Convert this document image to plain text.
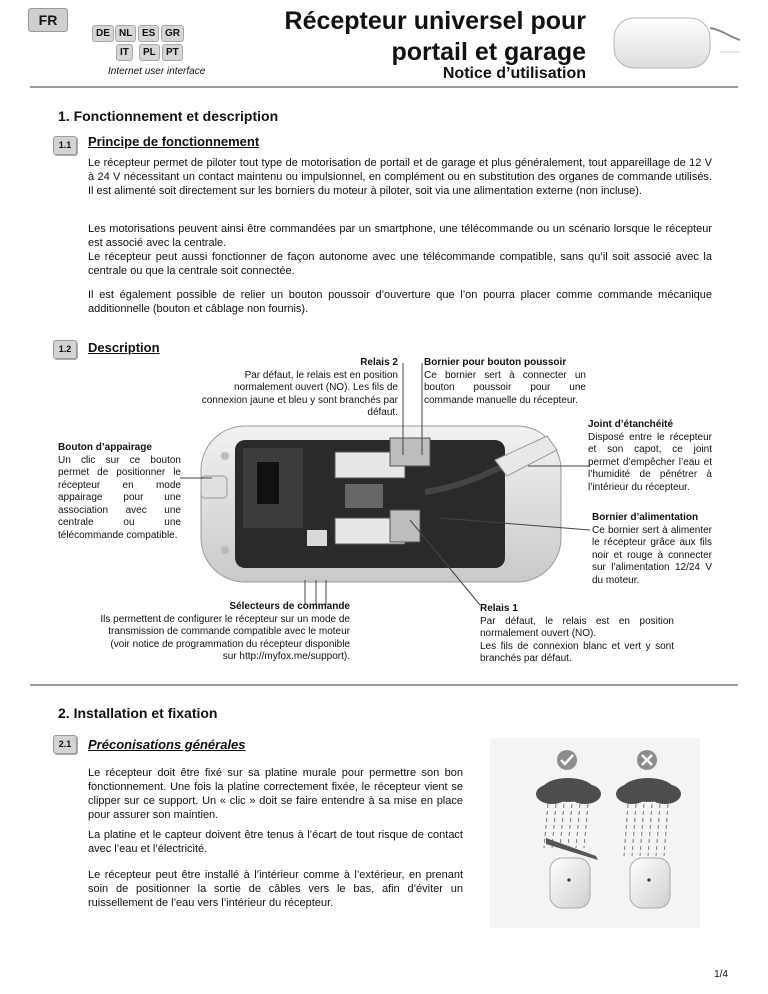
FR
DE NL ES GR
IT	PL	PT
Internet user interface
Récepteur universel pour
portail et garage
Notice d’utilisation
1. Fonctionnement et description
1.1	Principe de fonctionnement
Le récepteur permet de piloter tout type de motorisation de portail et de garage et plus généralement, tout appareillage de 12 V à 24 V nécessitant un contact maintenu ou impulsionnel, en complément ou en substitution des organes de commande utilisés. Il est alimenté soit directement sur les borniers du moteur à piloter, soit via une alimentation externe (non incluse).
Les motorisations peuvent ainsi être commandées par un smartphone, une télécommande ou un scénario lorsque le récepteur est associé avec la centrale.
Le récepteur peut aussi fonctionner de façon autonome avec une télécommande compatible, sans qu’il soit associé avec la centrale ou que la centrale soit connectée.
Il est également possible de relier un bouton poussoir d’ouverture que l’on pourra placer comme commande mécanique additionnelle (bouton et câblage non fournis).
1.2	Description
Relais 2
Par défaut, le relais est en position normalement ouvert (NO). Les fils de connexion jaune et bleu y sont branchés par défaut.
Bornier pour bouton poussoir
Ce bornier sert à connecter un bouton poussoir pour une commande manuelle du récepteur.
Joint d’étanchéité
Disposé entre le récepteur et son capot, ce joint permet d’empêcher l’eau et l’humidité de pénétrer à l’intérieur du récepteur.
Bouton d’appairage
Un clic sur ce bouton permet de positionner le récepteur en mode appairage pour une association avec une centrale ou une télécommande compatible.
Bornier d’alimentation
Ce bornier sert à alimenter le récepteur grâce aux fils noir et rouge à connecter sur l’alimentation 12/24 V du moteur.
Sélecteurs de commande
Ils permettent de configurer le récepteur sur un mode de transmission de commande compatible avec le moteur (voir notice de programmation du récepteur disponible sur http://myfox.me/support).
Relais 1
Par défaut, le relais est en position normalement ouvert (NO).
Les fils de connexion blanc et vert y sont branchés par défaut.
2. Installation et fixation
2.1	Préconisations générales
Le récepteur doit être fixé sur sa platine murale pour permettre son bon fonctionnement. Une fois la platine correctement fixée, le récepteur vient se clipper sur ce support. Un « clic » doit se faire entendre à sa mise en place pour assurer son maintien.
La platine et le capteur doivent être tenus à l’écart de tout risque de contact avec l’eau et l’électricité.
Le récepteur peut être installé à l’intérieur comme à l’extérieur, en prenant soin de positionner la sortie de câbles vers le bas, afin d’éviter un ruissellement de l’eau vers l’intérieur du récepteur.
1/4
